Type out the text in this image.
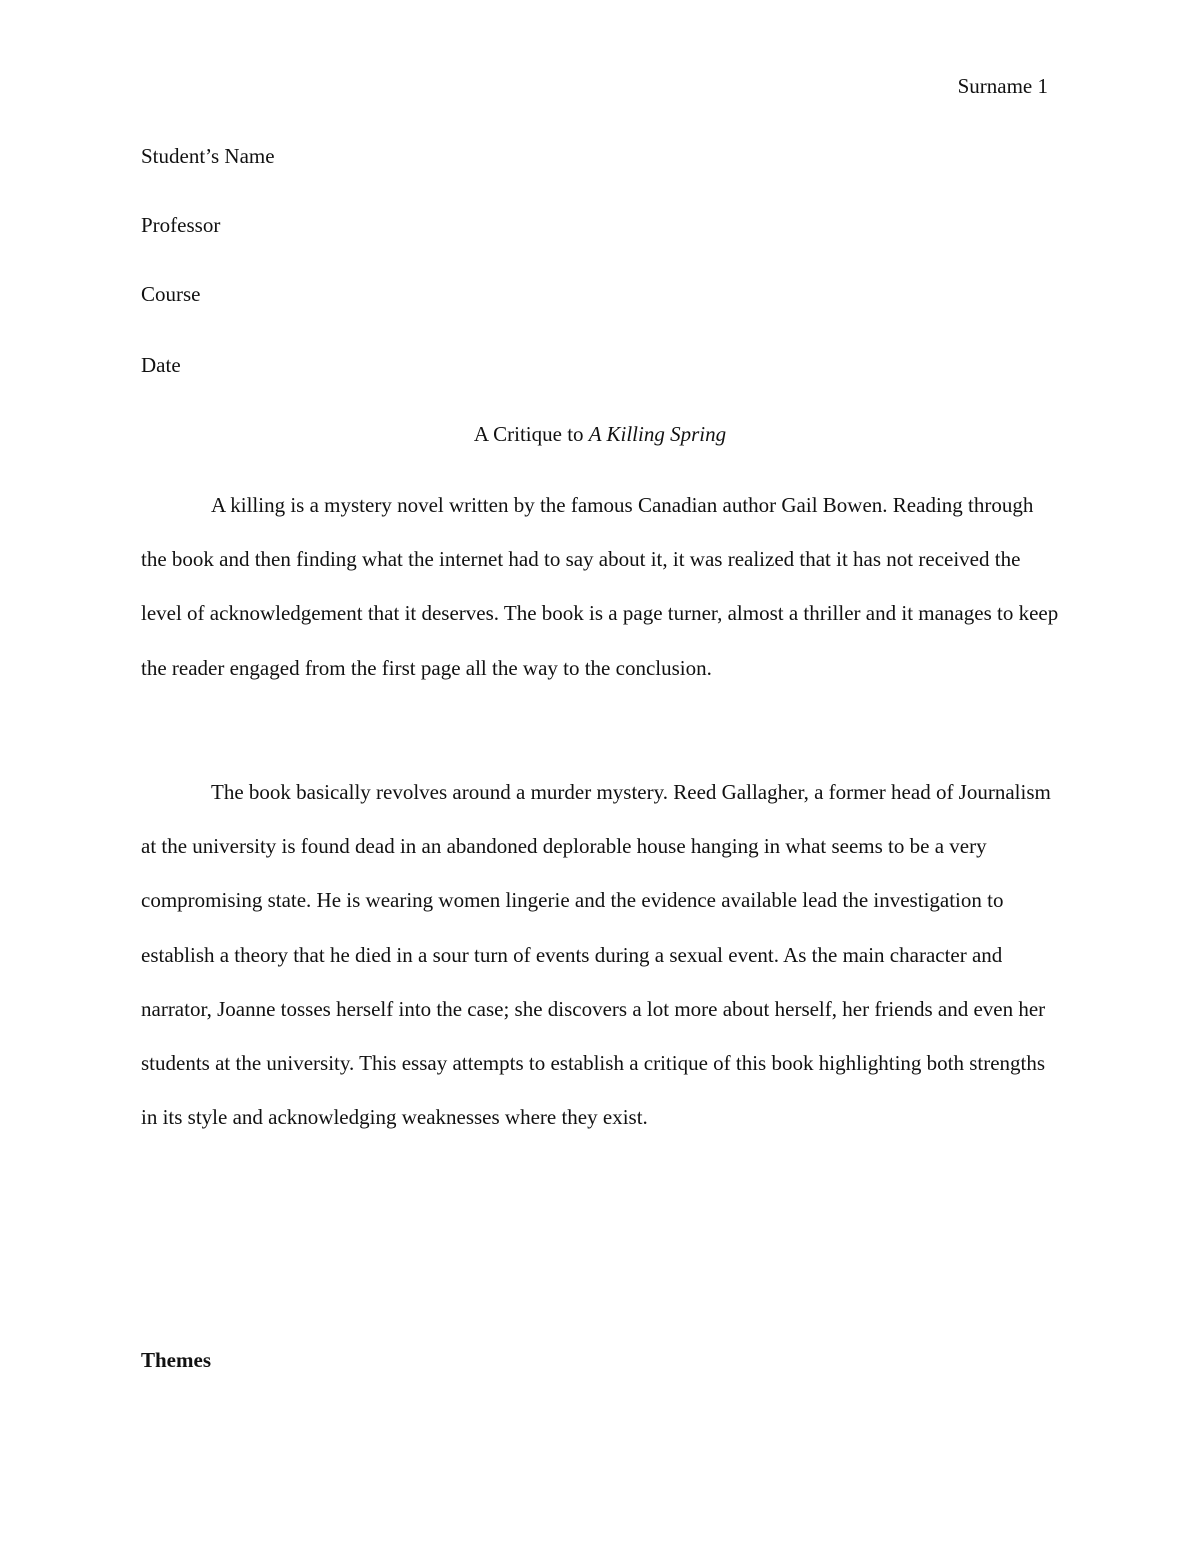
Surname 1
Student’s Name
Professor
Course
Date
A Critique to A Killing Spring

A killing is a mystery novel written by the famous Canadian author Gail Bowen. Reading through the book and then finding what the internet had to say about it, it was realized that it has not received the level of acknowledgement that it deserves. The book is a page turner, almost a thriller and it manages to keep the reader engaged from the first page all the way to the conclusion.

The book basically revolves around a murder mystery. Reed Gallagher, a former head of Journalism at the university is found dead in an abandoned deplorable house hanging in what seems to be a very compromising state. He is wearing women lingerie and the evidence available lead the investigation to establish a theory that he died in a sour turn of events during a sexual event. As the main character and narrator, Joanne tosses herself into the case; she discovers a lot more about herself, her friends and even her students at the university. This essay attempts to establish a critique of this book highlighting both strengths in its style and acknowledging weaknesses where they exist.

Themes
